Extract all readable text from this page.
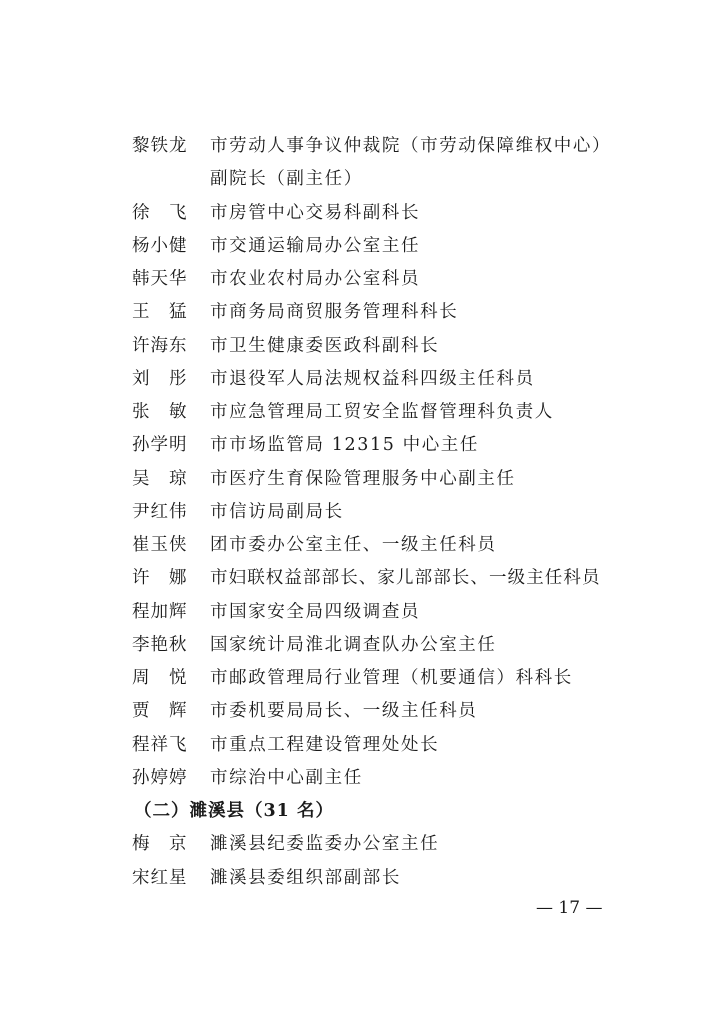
黎铁龙 市劳动人事争议仲裁院（市劳动保障维权中心）
副院长（副主任）
徐　飞 市房管中心交易科副科长
杨小健 市交通运输局办公室主任
韩天华 市农业农村局办公室科员
王　猛 市商务局商贸服务管理科科长
许海东 市卫生健康委医政科副科长
刘　彤 市退役军人局法规权益科四级主任科员
张　敏 市应急管理局工贸安全监督管理科负责人
孙学明 市市场监管局 12315 中心主任
吴　琼 市医疗生育保险管理服务中心副主任
尹红伟 市信访局副局长
崔玉侠 团市委办公室主任、一级主任科员
许　娜 市妇联权益部部长、家儿部部长、一级主任科员
程加辉 市国家安全局四级调查员
李艳秋 国家统计局淮北调查队办公室主任
周　悦 市邮政管理局行业管理（机要通信）科科长
贾　辉 市委机要局局长、一级主任科员
程祥飞 市重点工程建设管理处处长
孙婷婷 市综治中心副主任
（二）濉溪县（31 名）
梅　京 濉溪县纪委监委办公室主任
宋红星 濉溪县委组织部副部长
— 17 —
